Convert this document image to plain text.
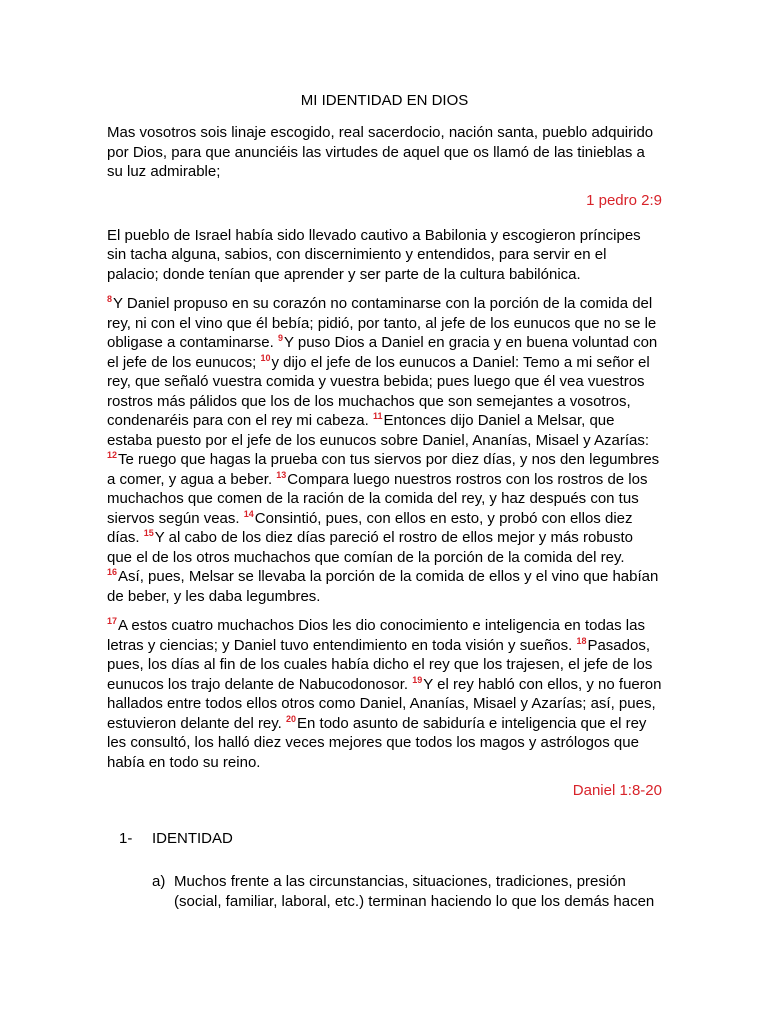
MI IDENTIDAD EN DIOS

Mas vosotros sois linaje escogido, real sacerdocio, nación santa, pueblo adquirido por Dios, para que anunciéis las virtudes de aquel que os llamó de las tinieblas a su luz admirable;

1 pedro 2:9

El pueblo de Israel había sido llevado cautivo a Babilonia y escogieron príncipes sin tacha alguna, sabios, con discernimiento y entendidos, para servir en el palacio; donde tenían que aprender y ser parte de la cultura babilónica.

$^8$Y Daniel propuso en su corazón no contaminarse con la porción de la comida del rey, ni con el vino que él bebía; pidió, por tanto, al jefe de los eunucos que no se le obligase a contaminarse. $^9$Y puso Dios a Daniel en gracia y en buena voluntad con el jefe de los eunucos; $^{10}$y dijo el jefe de los eunucos a Daniel: Temo a mi señor el rey, que señaló vuestra comida y vuestra bebida; pues luego que él vea vuestros rostros más pálidos que los de los muchachos que son semejantes a vosotros, condenaréis para con el rey mi cabeza. $^{11}$Entonces dijo Daniel a Melsar, que estaba puesto por el jefe de los eunucos sobre Daniel, Ananías, Misael y Azarías: $^{12}$Te ruego que hagas la prueba con tus siervos por diez días, y nos den legumbres a comer, y agua a beber. $^{13}$Compara luego nuestros rostros con los rostros de los muchachos que comen de la ración de la comida del rey, y haz después con tus siervos según veas. $^{14}$Consintió, pues, con ellos en esto, y probó con ellos diez días. $^{15}$Y al cabo de los diez días pareció el rostro de ellos mejor y más robusto que el de los otros muchachos que comían de la porción de la comida del rey. $^{16}$Así, pues, Melsar se llevaba la porción de la comida de ellos y el vino que habían de beber, y les daba legumbres.

$^{17}$A estos cuatro muchachos Dios les dio conocimiento e inteligencia en todas las letras y ciencias; y Daniel tuvo entendimiento en toda visión y sueños. $^{18}$Pasados, pues, los días al fin de los cuales había dicho el rey que los trajesen, el jefe de los eunucos los trajo delante de Nabucodonosor. $^{19}$Y el rey habló con ellos, y no fueron hallados entre todos ellos otros como Daniel, Ananías, Misael y Azarías; así, pues, estuvieron delante del rey. $^{20}$En todo asunto de sabiduría e inteligencia que el rey les consultó, los halló diez veces mejores que todos los magos y astrólogos que había en todo su reino.

Daniel 1:8-20

1-	IDENTIDAD
a) Muchos frente a las circunstancias, situaciones, tradiciones, presión (social, familiar, laboral, etc.) terminan haciendo lo que los demás hacen
